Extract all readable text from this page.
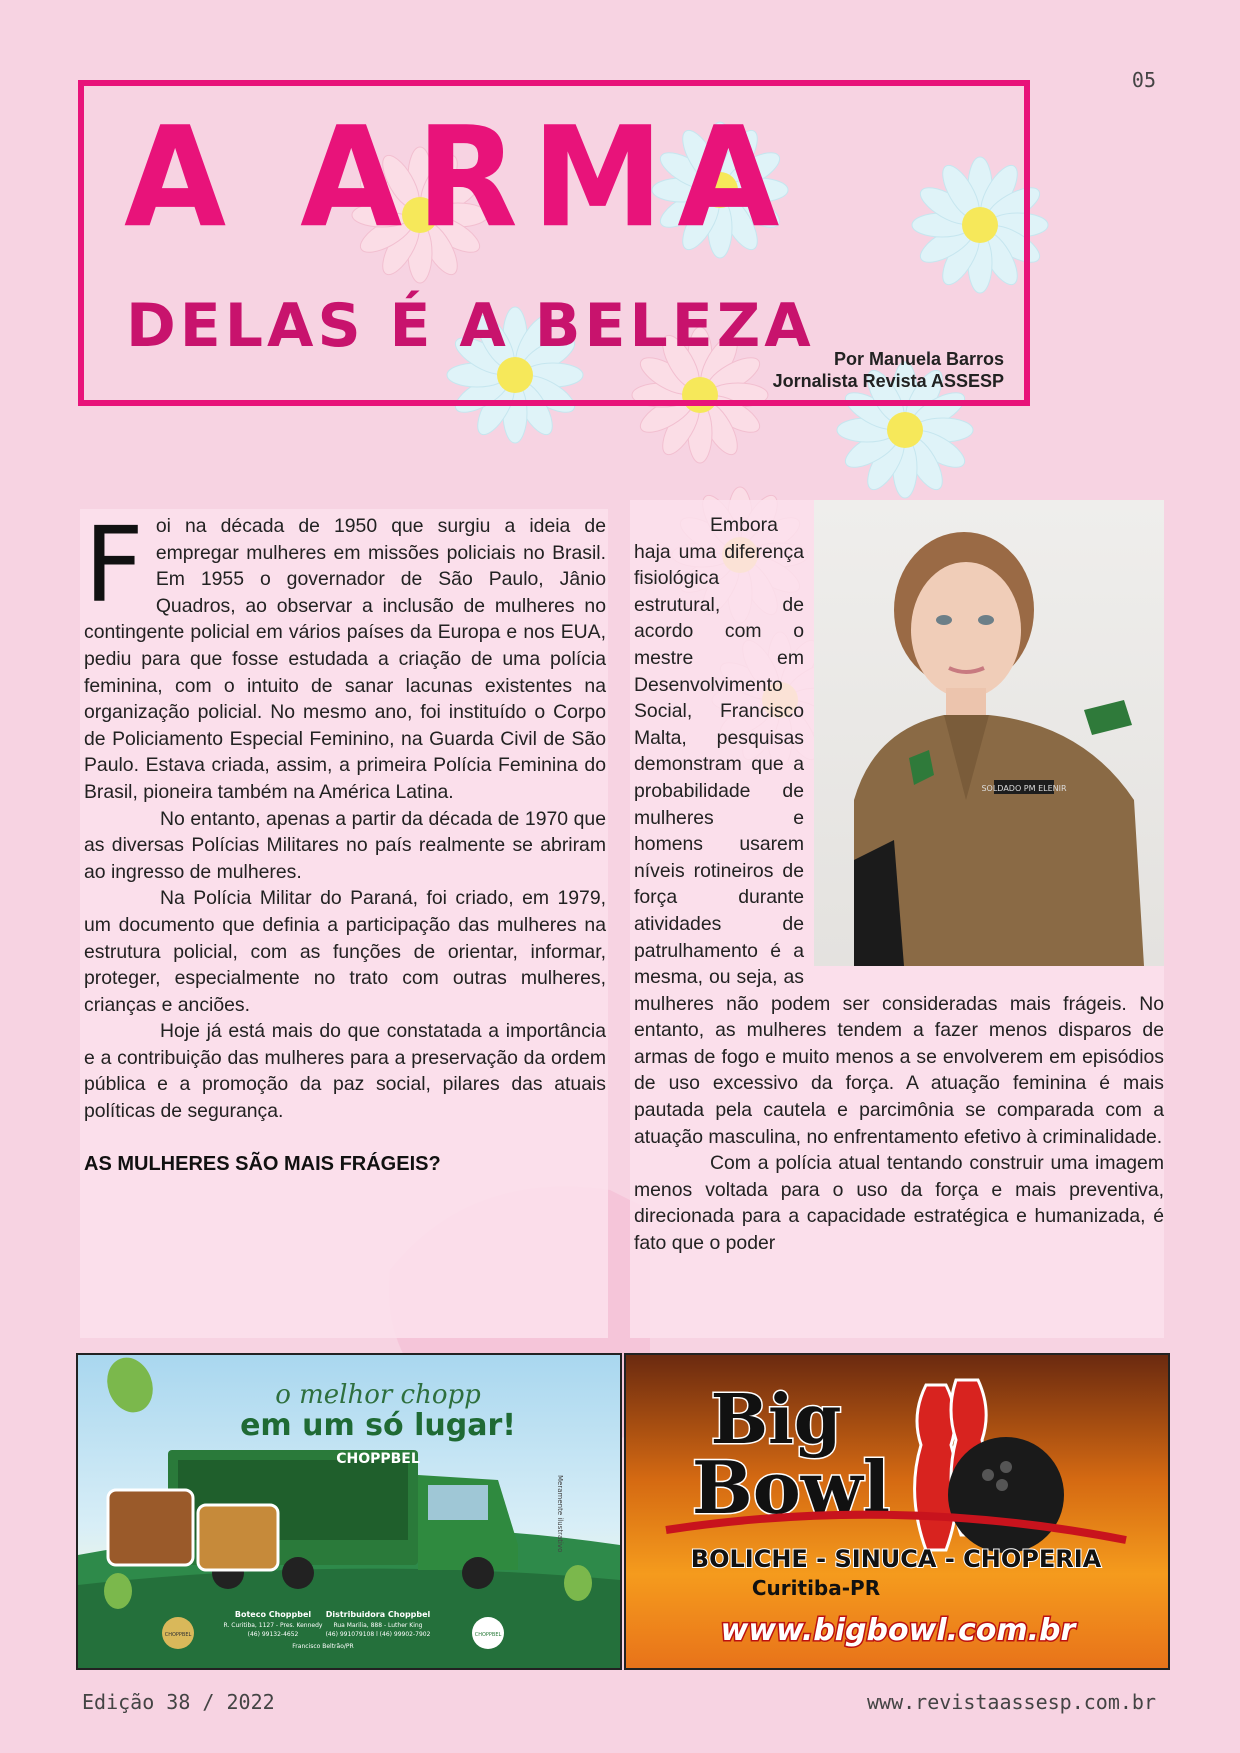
05
A ARMA
DELAS É A BELEZA	Por Manuela Barros
Jornalista Revista ASSESP

Foi na década de 1950 que surgiu a ideia de empregar mulheres em missões policiais no Brasil. Em 1955 o governador de São Paulo, Jânio Quadros, ao observar a inclusão de mulheres no contingente policial em vários países da Europa e nos EUA, pediu para que fosse estudada a criação de uma polícia feminina, com o intuito de sanar lacunas existentes na organização policial. No mesmo ano, foi instituído o Corpo de Policiamento Especial Feminino, na Guarda Civil de São Paulo. Estava criada, assim, a primeira Polícia Feminina do Brasil, pioneira também na América Latina.

No entanto, apenas a partir da década de 1970 que as diversas Polícias Militares no país realmente se abriram ao ingresso de mulheres.

Na Polícia Militar do Paraná, foi criado, em 1979, um documento que definia a participação das mulheres na estrutura policial, com as funções de orientar, informar, proteger, especialmente no trato com outras mulheres, crianças e anciões.

Hoje já está mais do que constatada a importância e a contribuição das mulheres para a preservação da ordem pública e a promoção da paz social, pilares das atuais políticas de segurança.

AS MULHERES SÃO MAIS FRÁGEIS?

SOLDADO PM ELENIR

Embora haja uma diferença fisiológica estrutural, de acordo com o mestre em Desenvolvimento Social, Francisco Malta, pesquisas demonstram que a probabilidade de mulheres e homens usarem níveis rotineiros de força durante atividades de patrulhamento é a mesma, ou seja, as mulheres não podem ser consideradas mais frágeis. No entanto, as mulheres tendem a fazer menos disparos de armas de fogo e muito menos a se envolverem em episódios de uso excessivo da força. A atuação feminina é mais pautada pela cautela e parcimônia se comparada com a atuação masculina, no enfrentamento efetivo à criminalidade.

Com a polícia atual tentando construir uma imagem menos voltada para o uso da força e mais preventiva, direcionada para a capacidade estratégica e humanizada, é fato que o poder

o melhor chopp
em um só lugar!
Meramente ilustrativo
CHOPPBEL
CHOPPBEL
Boteco Choppbel
R. Curitiba, 1127 - Pres. Kennedy
(46) 99132-4652
Distribuidora Choppbel
Rua Marilia, 888 - Luther King
(46) 991079108 l (46) 99902-7902
Francisco Beltrão/PR
CHOPPBEL
Big
Bowl
BOLICHE - SINUCA - CHOPERIA
Curitiba-PR
www.bigbowl.com.br
Edição 38 / 2022	www.revistaassesp.com.br
